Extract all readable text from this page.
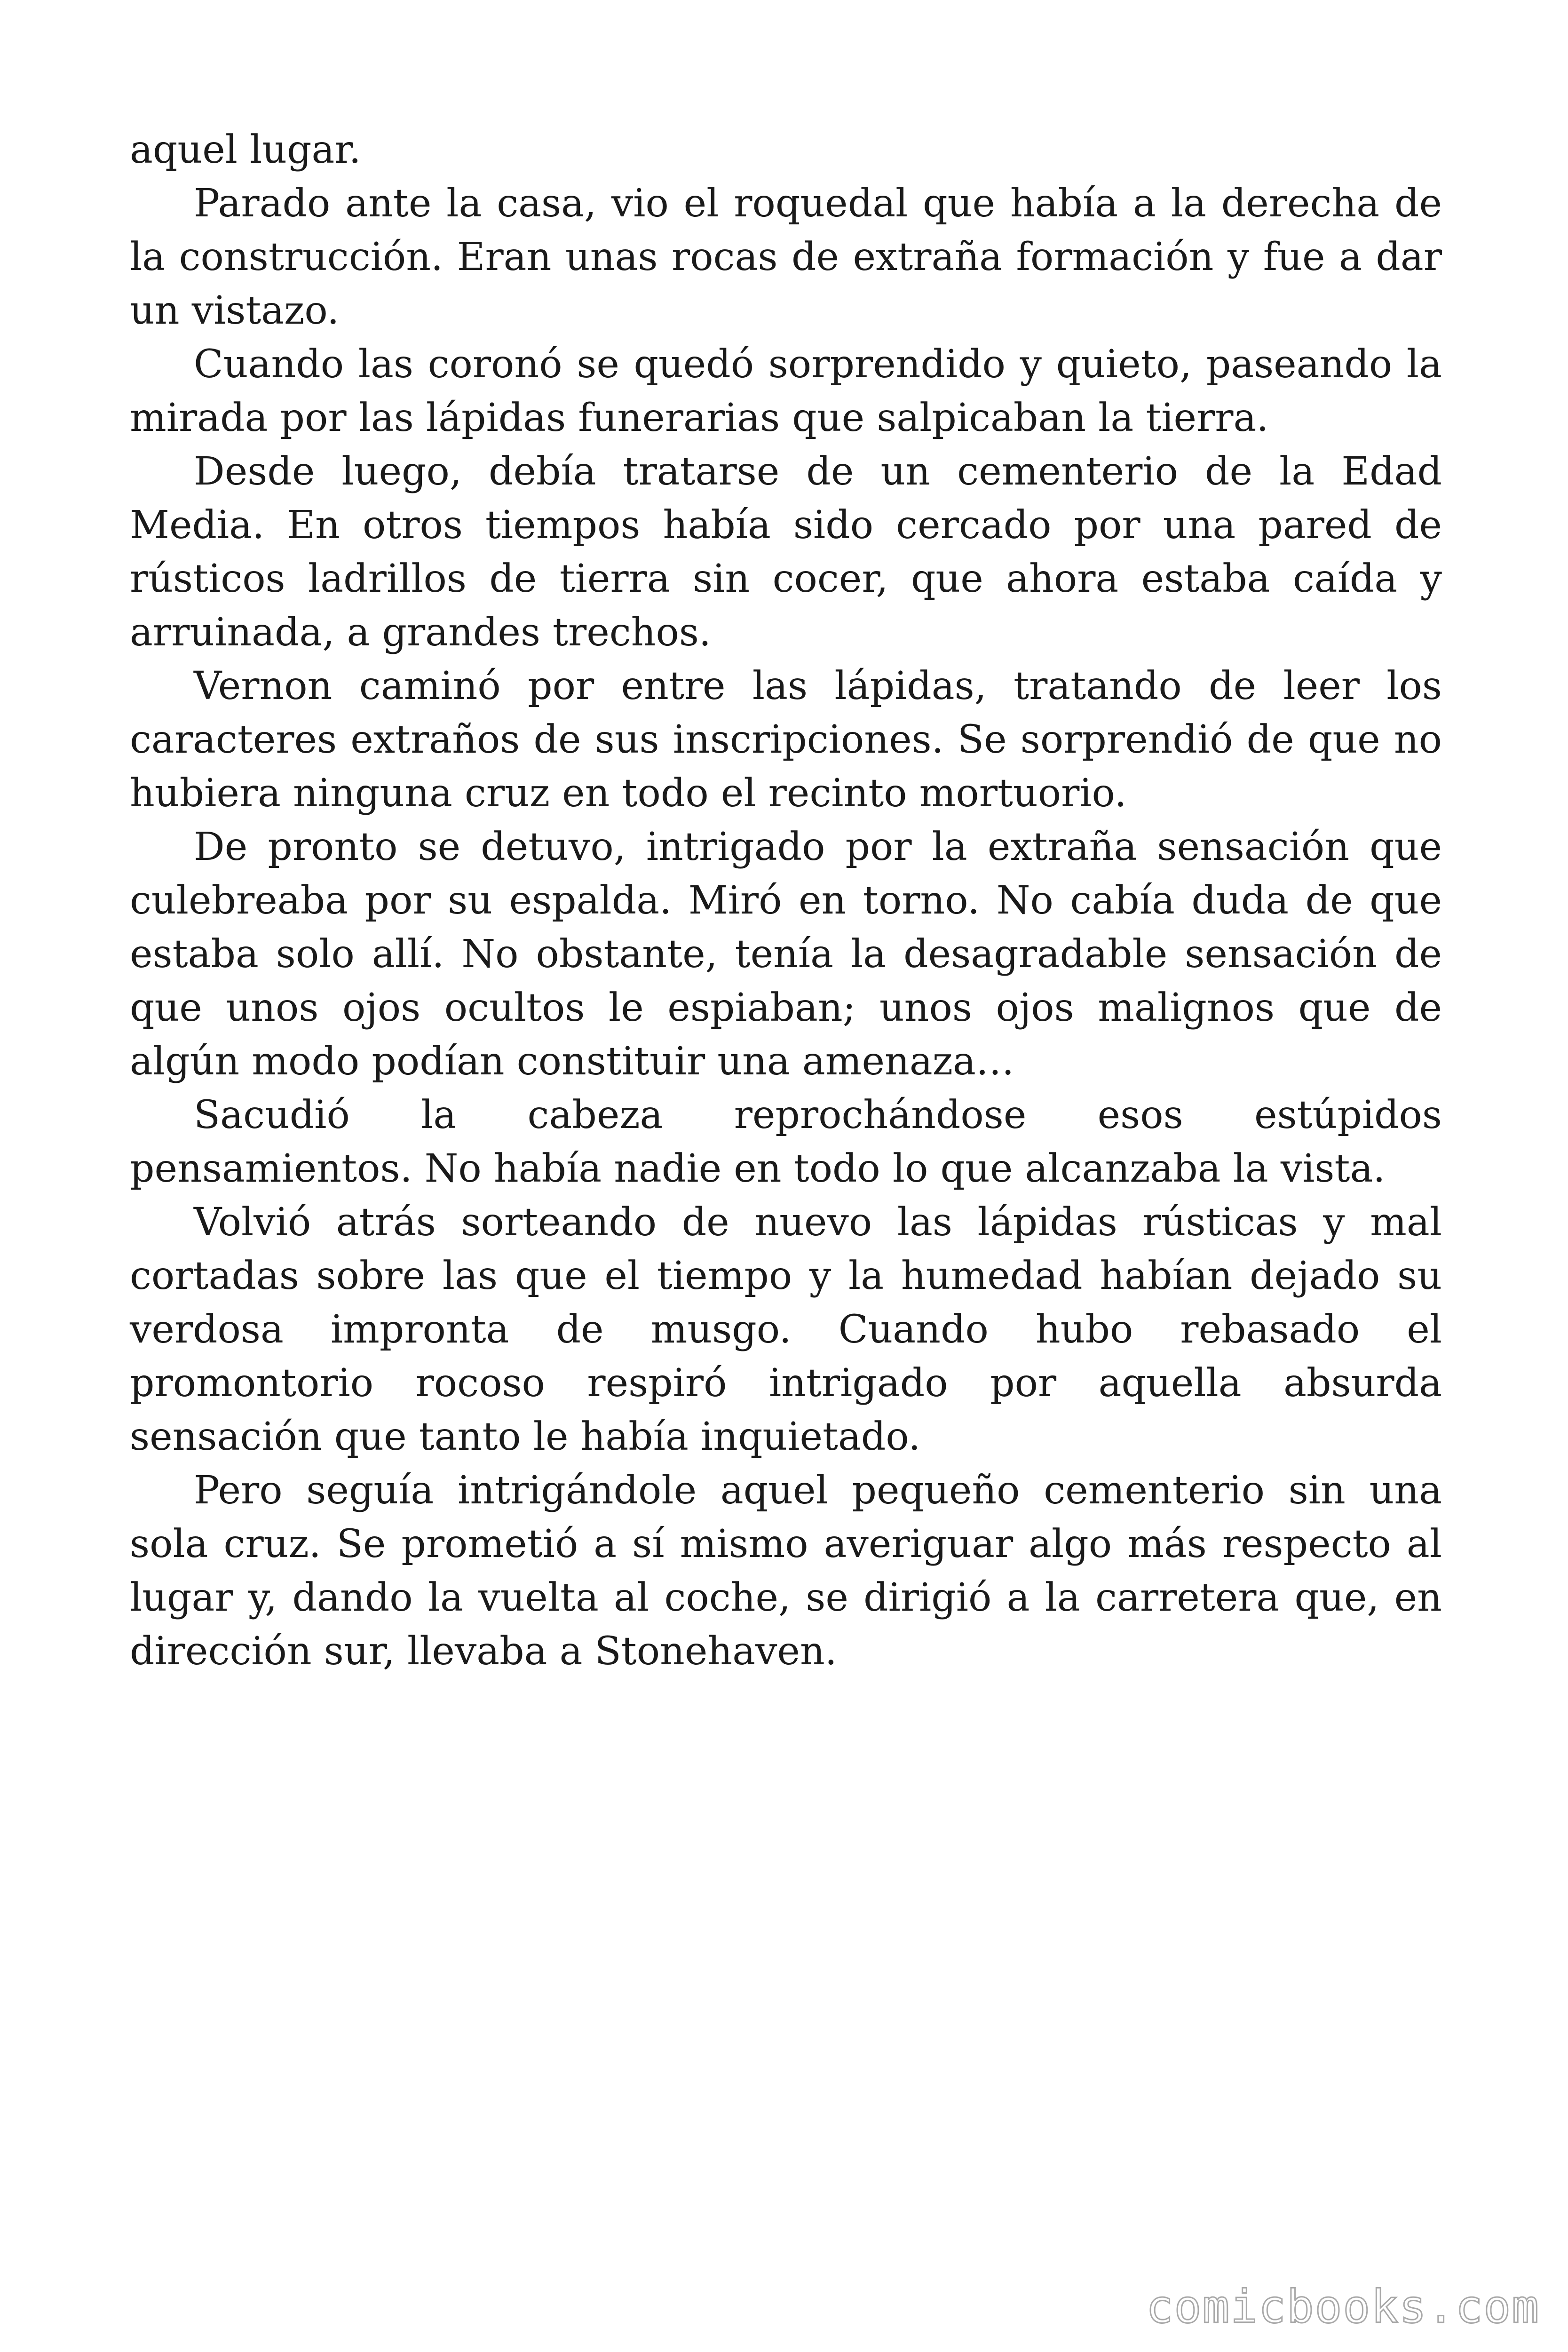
aquel lugar.

Parado ante la casa, vio el roquedal que había a la derecha de la construcción. Eran unas rocas de extraña formación y fue a dar un vistazo.

Cuando las coronó se quedó sorprendido y quieto, paseando la mirada por las lápidas funerarias que salpicaban la tierra.

Desde luego, debía tratarse de un cementerio de la Edad Media. En otros tiempos había sido cercado por una pared de rústicos ladrillos de tierra sin cocer, que ahora estaba caída y arruinada, a grandes trechos.

Vernon caminó por entre las lápidas, tratando de leer los caracteres extraños de sus inscripciones. Se sorprendió de que no hubiera ninguna cruz en todo el recinto mortuorio.

De pronto se detuvo, intrigado por la extraña sensación que culebreaba por su espalda. Miró en torno. No cabía duda de que estaba solo allí. No obstante, tenía la desagradable sensación de que unos ojos ocultos le espiaban; unos ojos malignos que de algún modo podían constituir una amenaza…

Sacudió la cabeza reprochándose esos estúpidos pensamientos. No había nadie en todo lo que alcanzaba la vista.

Volvió atrás sorteando de nuevo las lápidas rústicas y mal cortadas sobre las que el tiempo y la humedad habían dejado su verdosa impronta de musgo. Cuando hubo rebasado el promontorio rocoso respiró intrigado por aquella absurda sensación que tanto le había inquietado.

Pero seguía intrigándole aquel pequeño cementerio sin una sola cruz. Se prometió a sí mismo averiguar algo más respecto al lugar y, dando la vuelta al coche, se dirigió a la carretera que, en dirección sur, llevaba a Stonehaven.

comicbooks.com
